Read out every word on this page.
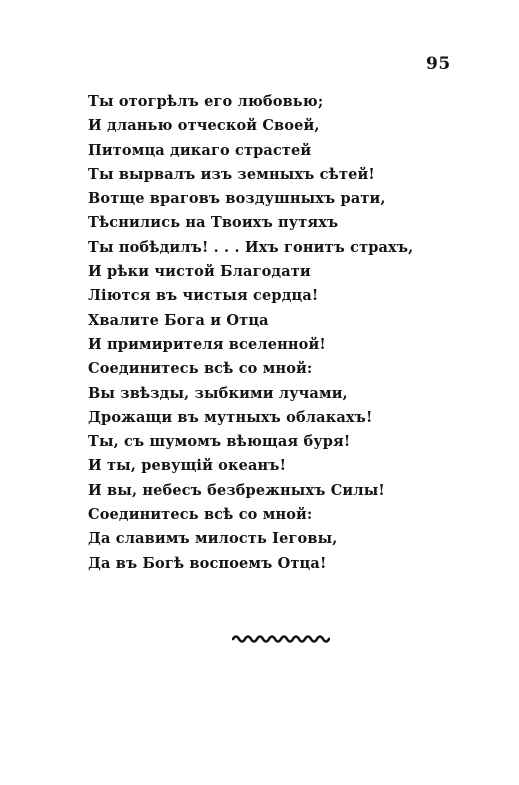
95
Ты отогрѣлъ его любовью;
И дланью отческой Своей,
Питомца дикаго страстей
Ты вырвалъ изъ земныхъ сѣтей!
Вотще враговъ воздушныхъ рати,
Тѣснились на Твоихъ путяхъ
Ты побѣдилъ! . . . Ихъ гонитъ страхъ,
И рѣки чистой Благодати
Ліются въ чистыя сердца!
Хвалите Бога и Отца
И примирителя вселенной!
Соединитесь всѣ со мной:
Вы звѣзды, зыбкими лучами,
Дрожащи въ мутныхъ облакахъ!
Ты, съ шумомъ вѣющая буря!
И ты, ревущій океанъ!
И вы, небесъ безбрежныхъ Силы!
Соединитесь всѣ со мной:
Да славимъ милость Іеговы,
Да въ Богѣ воспоемъ Отца!
